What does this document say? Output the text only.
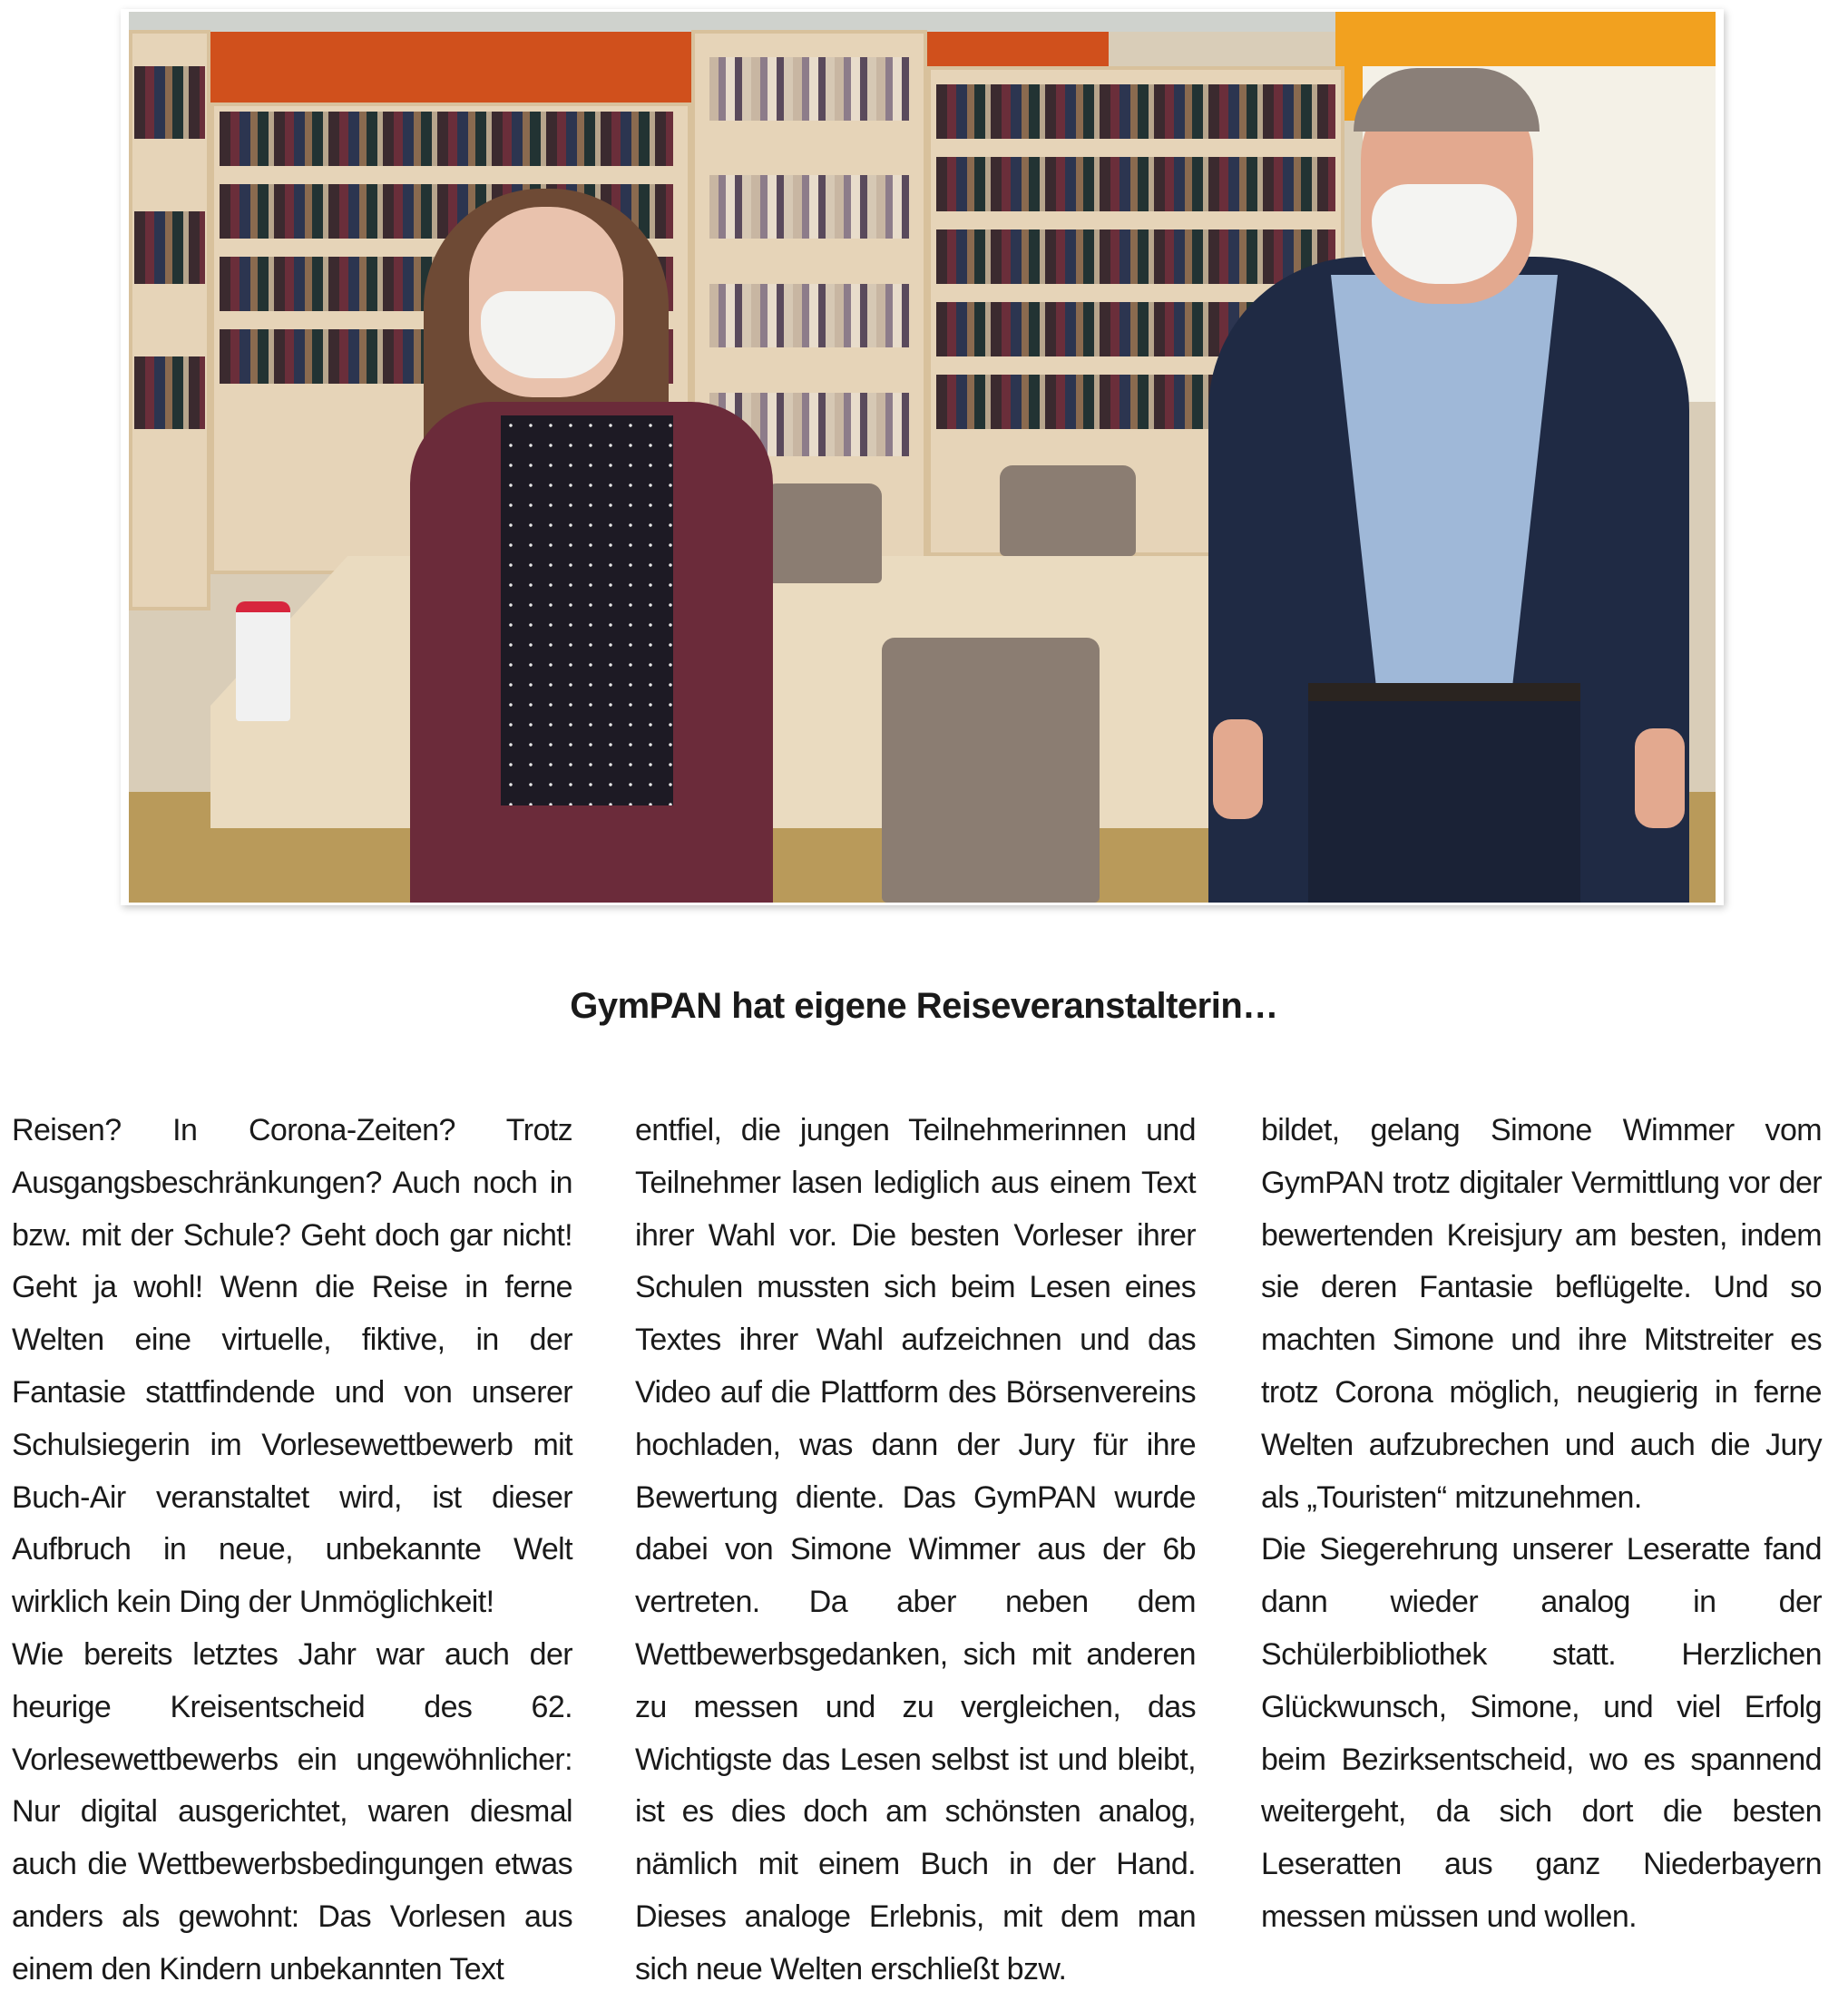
GymPAN hat eigene Reiseveranstalterin…

Reisen? In Corona-Zeiten? Trotz Ausgangsbeschränkungen? Auch noch in bzw. mit der Schule? Geht doch gar nicht! Geht ja wohl! Wenn die Reise in ferne Welten eine virtuelle, fiktive, in der Fantasie stattfindende und von unserer Schulsiegerin im Vorlesewettbewerb mit Buch-Air veranstaltet wird, ist dieser Aufbruch in neue, unbekannte Welt wirklich kein Ding der Unmöglichkeit!

Wie bereits letztes Jahr war auch der heurige Kreisentscheid des 62. Vorlesewettbewerbs ein ungewöhnlicher: Nur digital ausgerichtet, waren diesmal auch die Wettbewerbsbedingungen etwas anders als gewohnt: Das Vorlesen aus einem den Kindern unbekannten Text

entfiel, die jungen Teilnehmerinnen und Teilnehmer lasen lediglich aus einem Text ihrer Wahl vor. Die besten Vorleser ihrer Schulen mussten sich beim Lesen eines Textes ihrer Wahl aufzeichnen und das Video auf die Plattform des Börsenvereins hochladen, was dann der Jury für ihre Bewertung diente. Das GymPAN wurde dabei von Simone Wimmer aus der 6b vertreten. Da aber neben dem Wettbewerbsgedanken, sich mit anderen zu messen und zu vergleichen, das Wichtigste das Lesen selbst ist und bleibt, ist es dies doch am schönsten analog, nämlich mit einem Buch in der Hand. Dieses analoge Erlebnis, mit dem man sich neue Welten erschließt bzw.

bildet, gelang Simone Wimmer vom GymPAN trotz digitaler Vermittlung vor der bewertenden Kreisjury am besten, indem sie deren Fantasie beflügelte. Und so machten Simone und ihre Mitstreiter es trotz Corona möglich, neugierig in ferne Welten aufzubrechen und auch die Jury als „Touristen“ mitzunehmen.

Die Siegerehrung unserer Leseratte fand dann wieder analog in der Schülerbibliothek statt. Herzlichen Glückwunsch, Simone, und viel Erfolg beim Bezirksentscheid, wo es spannend weitergeht, da sich dort die besten Leseratten aus ganz Niederbayern messen müssen und wollen.
